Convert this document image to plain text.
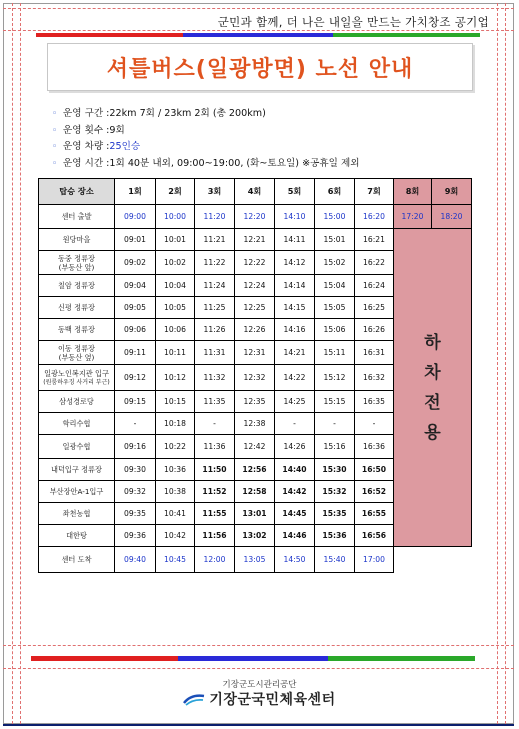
군민과 함께, 더 나은 내일을 만드는 가치창조 공기업
셔틀버스(일광방면) 노선 안내
◦ 운영 구간 : 22km 7회 / 23km 2회 (총 200km)
◦ 운영 횟수 : 9회
◦ 운영 차량 : 25인승
◦ 운영 시간 : 1회 40분 내외, 09:00~19:00, (화~토요일) ※공휴일 제외
탑승 장소	1회	2회	3회	4회	5회	6회	7회	8회	9회
센터 출발	09:00	10:00	11:20	12:20	14:10	15:00	16:20	17:20	18:20

원당마을	09:01	10:01	11:21	12:21	14:11	15:01	16:21	하
차
전
용	

동중 정류장
(부동산 앞)	09:02	10:02	11:22	12:22	14:12	15:02	16:22		

칠암 정류장	09:04	10:04	11:24	12:24	14:14	15:04	16:24		

신평 정류장	09:05	10:05	11:25	12:25	14:15	15:05	16:25		

동백 정류장	09:06	10:06	11:26	12:26	14:16	15:06	16:26		

이동 정류장
(부동산 옆)	09:11	10:11	11:31	12:31	14:21	15:11	16:31		

일광노인복지관 입구
(원룸하우징 사거리 부근)	09:12	10:12	11:32	12:32	14:22	15:12	16:32		

삼성경로당	09:15	10:15	11:35	12:35	14:25	15:15	16:35		

학리수협	-	10:18	-	12:38	-	-	-		

일광수협	09:16	10:22	11:36	12:42	14:26	15:16	16:36		

내덕입구 정류장	09:30	10:36	11:50	12:56	14:40	15:30	16:50		

부산장안A-1입구	09:32	10:38	11:52	12:58	14:42	15:32	16:52		

좌천농협	09:35	10:41	11:55	13:01	14:45	15:35	16:55		

대한탕	09:36	10:42	11:56	13:02	14:46	15:36	16:56		
센터 도착	09:40	10:45	12:00	13:05	14:50	15:40	17:00		
기장군도시관리공단
기장군국민체육센터
